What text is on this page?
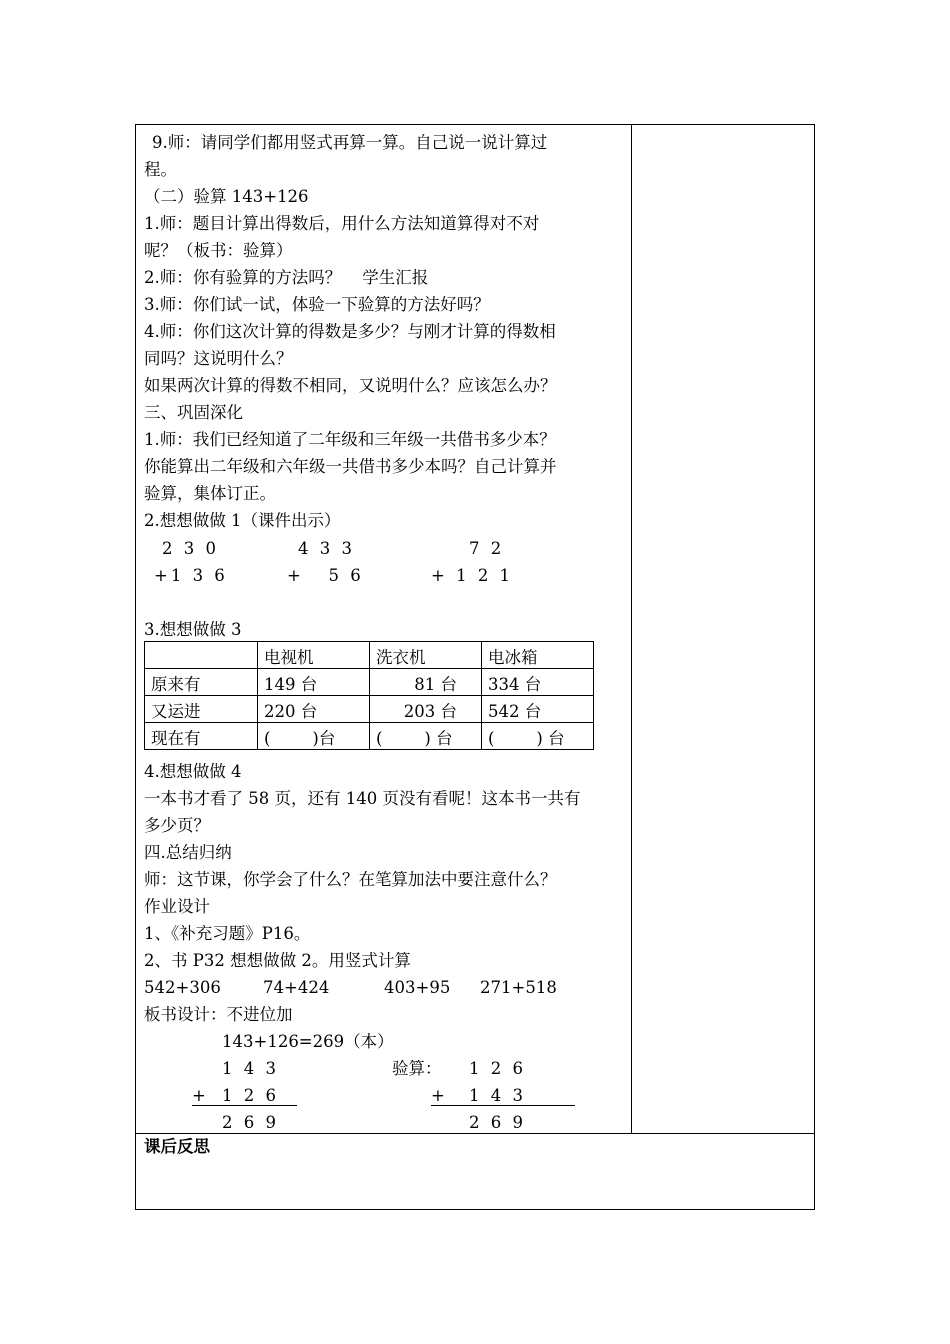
9.师：请同学们都用竖式再算一算。自己说一说计算过
程。
（二）验算 143+126
1.师：题目计算出得数后，用什么方法知道算得对不对
呢？（板书：验算）
2.师：你有验算的方法吗？    学生汇报
3.师：你们试一试，体验一下验算的方法好吗？
4.师：你们这次计算的得数是多少？与刚才计算的得数相
同吗？这说明什么？
如果两次计算的得数不相同，又说明什么？应该怎么办？
三、巩固深化
1.师：我们已经知道了二年级和三年级一共借书多少本？
你能算出二年级和六年级一共借书多少本吗？自己计算并
验算，集体订正。
2.想想做做 1（课件出示）
2 3 0
+1 3 6
4 3 3
+   5 6
7 2
+ 1 2 1
3.想想做做 3
	电视机	洗衣机	电冰箱
原来有	149 台	81 台	334 台
又运进	220 台	203 台	542 台
现在有	(        )台	(        ) 台	(        ) 台
4.想想做做 4
一本书才看了 58 页，还有 140 页没有看呢！这本书一共有
多少页？
四.总结归纳
师：这节课，你学会了什么？在笔算加法中要注意什么？
作业设计
1、《补充习题》P16。
2、书 P32 想想做做 2。用竖式计算
542+306	74+424	403+95 271+518
板书设计：不进位加
143+126=269（本）
1 4 3
+ 1 2 6
2 6 9
验算： 1 2 6
+ 1 4 3
2 6 9
课后反思
